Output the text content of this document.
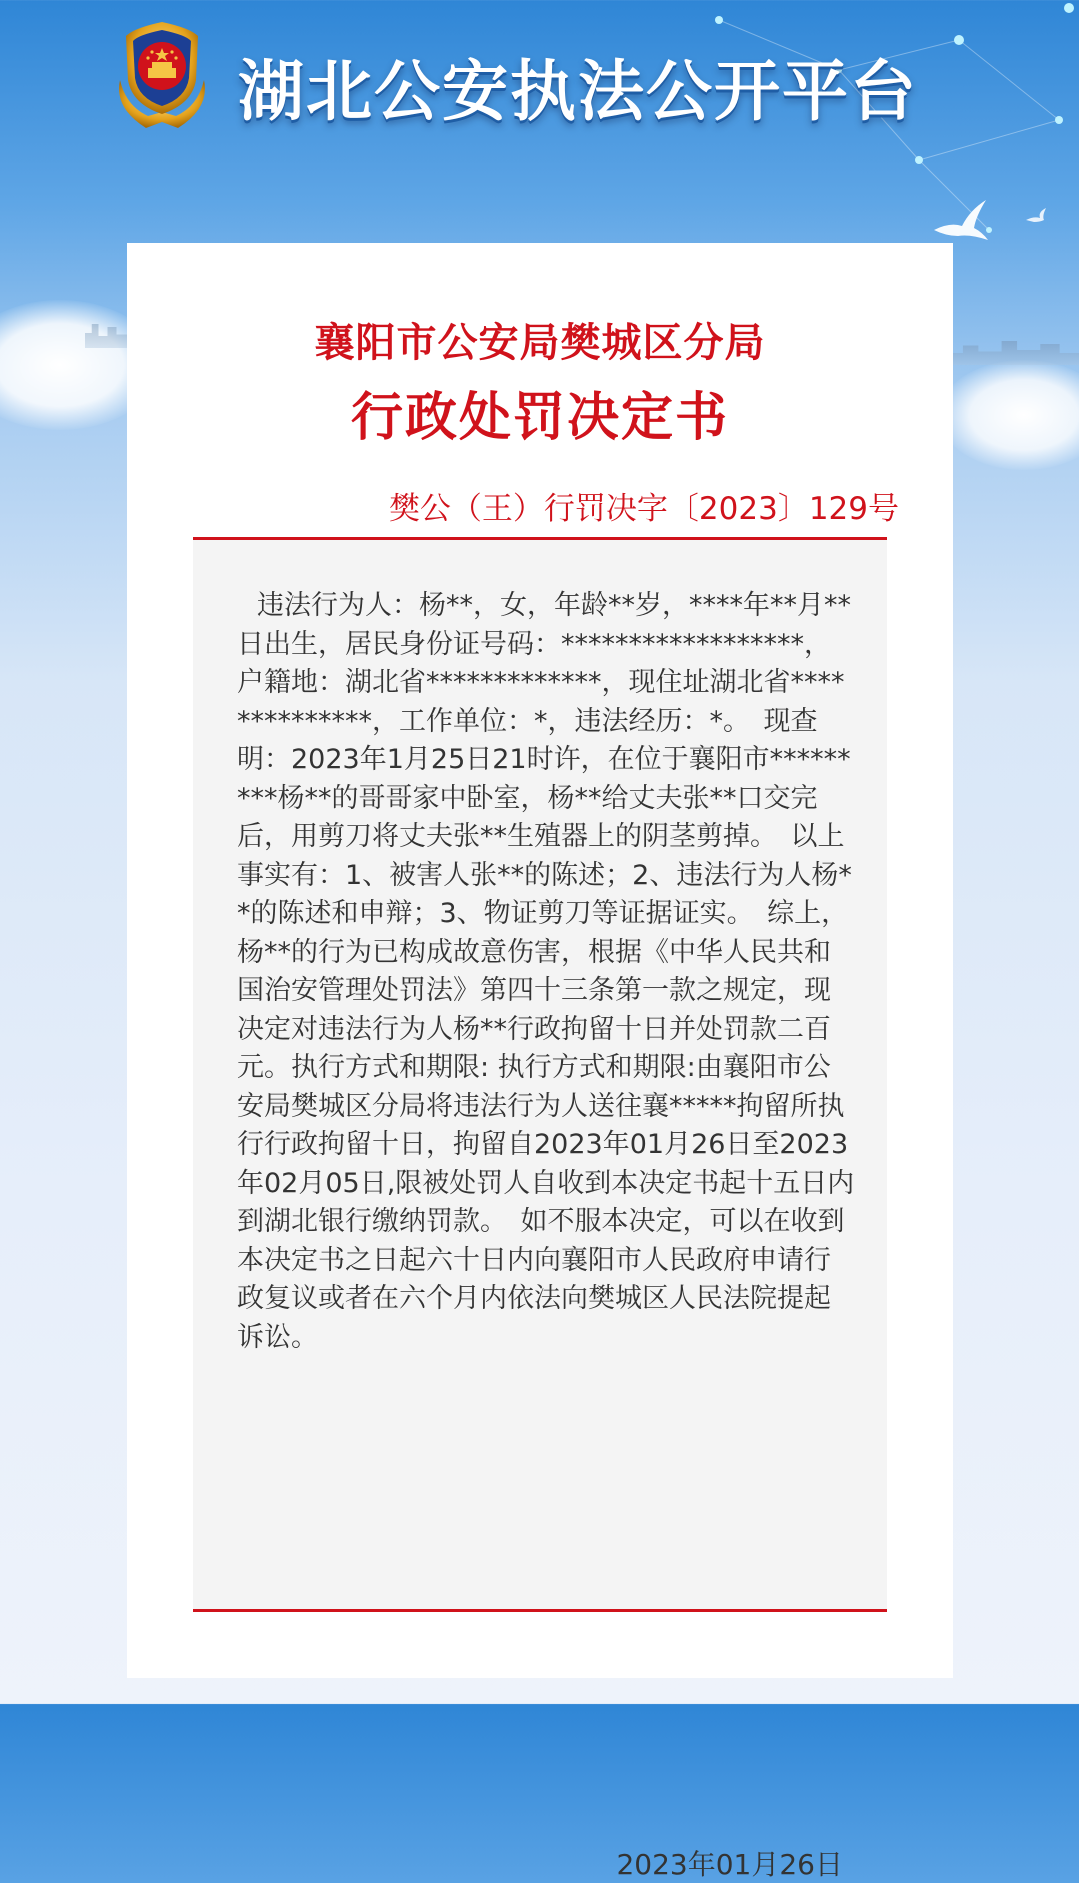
湖北公安执法公开平台
襄阳市公安局樊城区分局
行政处罚决定书
樊公（王）行罚决字〔2023〕129号

违法行为人：杨**，女，年龄**岁，****年**月**日出生，居民身份证号码：******************，户籍地：湖北省*************，现住址湖北省**************，工作单位：*，违法经历：*。　现查明：2023年1月25日21时许，在位于襄阳市*********杨**的哥哥家中卧室，杨**给丈夫张**口交完后，用剪刀将丈夫张**生殖器上的阴茎剪掉。　以上事实有：1、被害人张**的陈述；2、违法行为人杨**的陈述和申辩；3、物证剪刀等证据证实。　综上，杨**的行为已构成故意伤害，根据《中华人民共和国治安管理处罚法》第四十三条第一款之规定，现决定对违法行为人杨**行政拘留十日并处罚款二百元。执行方式和期限: 执行方式和期限:由襄阳市公安局樊城区分局将违法行为人送往襄*****拘留所执行行政拘留十日，拘留自2023年01月26日至2023年02月05日,限被处罚人自收到本决定书起十五日内到湖北银行缴纳罚款。　如不服本决定，可以在收到本决定书之日起六十日内向襄阳市人民政府申请行政复议或者在六个月内依法向樊城区人民法院提起诉讼。

2023年01月26日
